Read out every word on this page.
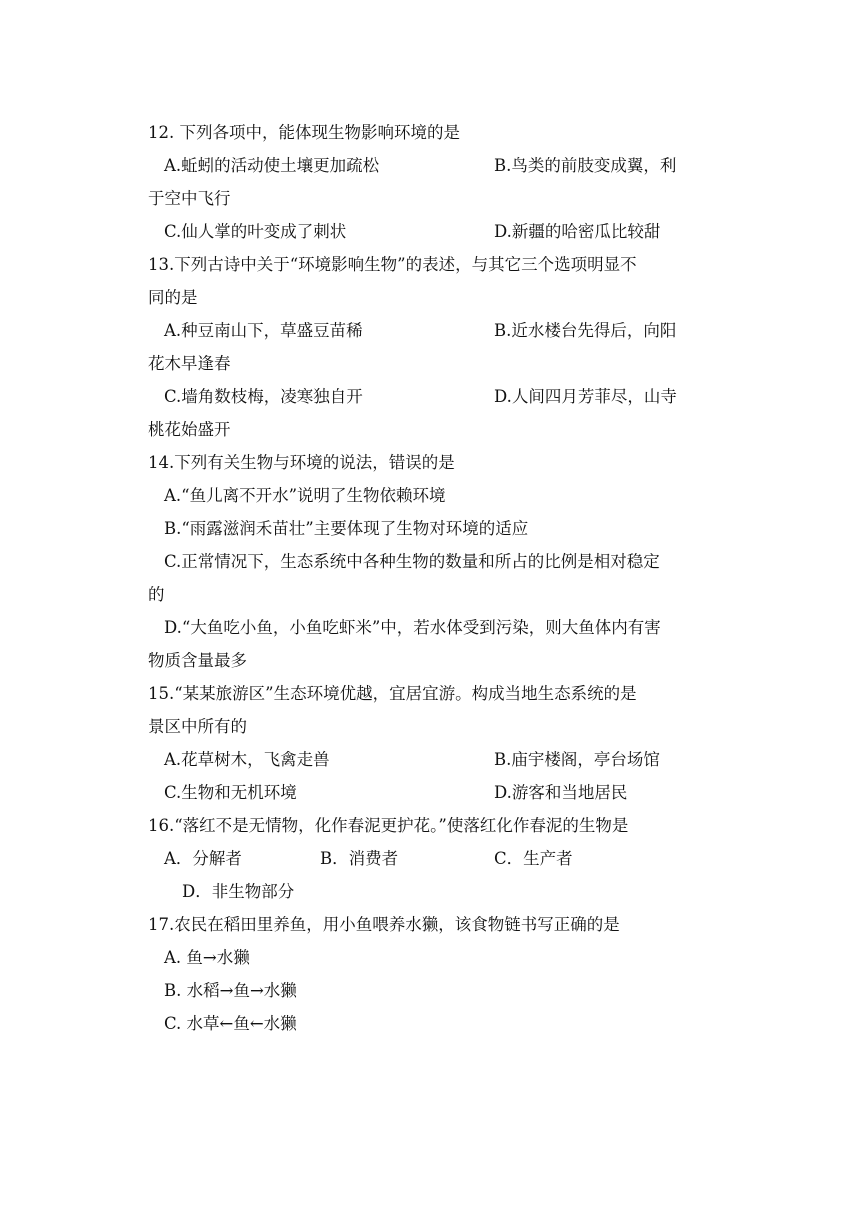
12. 下列各项中，能体现生物影响环境的是
A.蚯蚓的活动使土壤更加疏松	B.鸟类的前肢变成翼，利
于空中飞行
C.仙人掌的叶变成了刺状	D.新疆的哈密瓜比较甜
13.下列古诗中关于“环境影响生物”的表述，与其它三个选项明显不
同的是
A.种豆南山下，草盛豆苗稀	B.近水楼台先得后，向阳
花木早逢春
C.墙角数枝梅，凌寒独自开	D.人间四月芳菲尽，山寺
桃花始盛开
14.下列有关生物与环境的说法，错误的是
A.“鱼儿离不开水”说明了生物依赖环境
B.“雨露滋润禾苗壮”主要体现了生物对环境的适应
C.正常情况下，生态系统中各种生物的数量和所占的比例是相对稳定
的
D.“大鱼吃小鱼，小鱼吃虾米”中，若水体受到污染，则大鱼体内有害
物质含量最多
15.“某某旅游区”生态环境优越，宜居宜游。构成当地生态系统的是
景区中所有的
A.花草树木，飞禽走兽	B.庙宇楼阁，亭台场馆
C.生物和无机环境	D.游客和当地居民
16.“落红不是无情物，化作春泥更护花。”使落红化作春泥的生物是
A．分解者	B．消费者	C．生产者
D．非生物部分
17.农民在稻田里养鱼，用小鱼喂养水獭，该食物链书写正确的是
A. 鱼→水獭
B. 水稻→鱼→水獭
C. 水草←鱼←水獭
